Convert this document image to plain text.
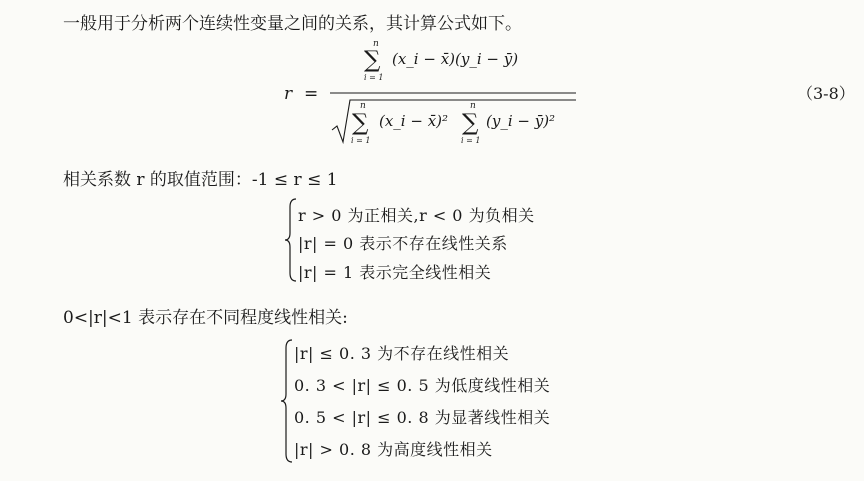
一般用于分析两个连续性变量之间的关系，其计算公式如下。
r =
n
∑
i = 1
(x_i − x̄)(y_i − ȳ)
n
∑
i = 1
(x_i − x̄)²
n
∑
i = 1
(y_i − ȳ)²
（3-8）
相关系数 r 的取值范围：-1 ≤ r ≤ 1
r > 0 为正相关,r < 0 为负相关
|r| = 0 表示不存在线性关系
|r| = 1 表示完全线性相关
0<|r|<1 表示存在不同程度线性相关:
|r| ≤ 0. 3 为不存在线性相关
0. 3 < |r| ≤ 0. 5 为低度线性相关
0. 5 < |r| ≤ 0. 8 为显著线性相关
|r| > 0. 8 为高度线性相关
